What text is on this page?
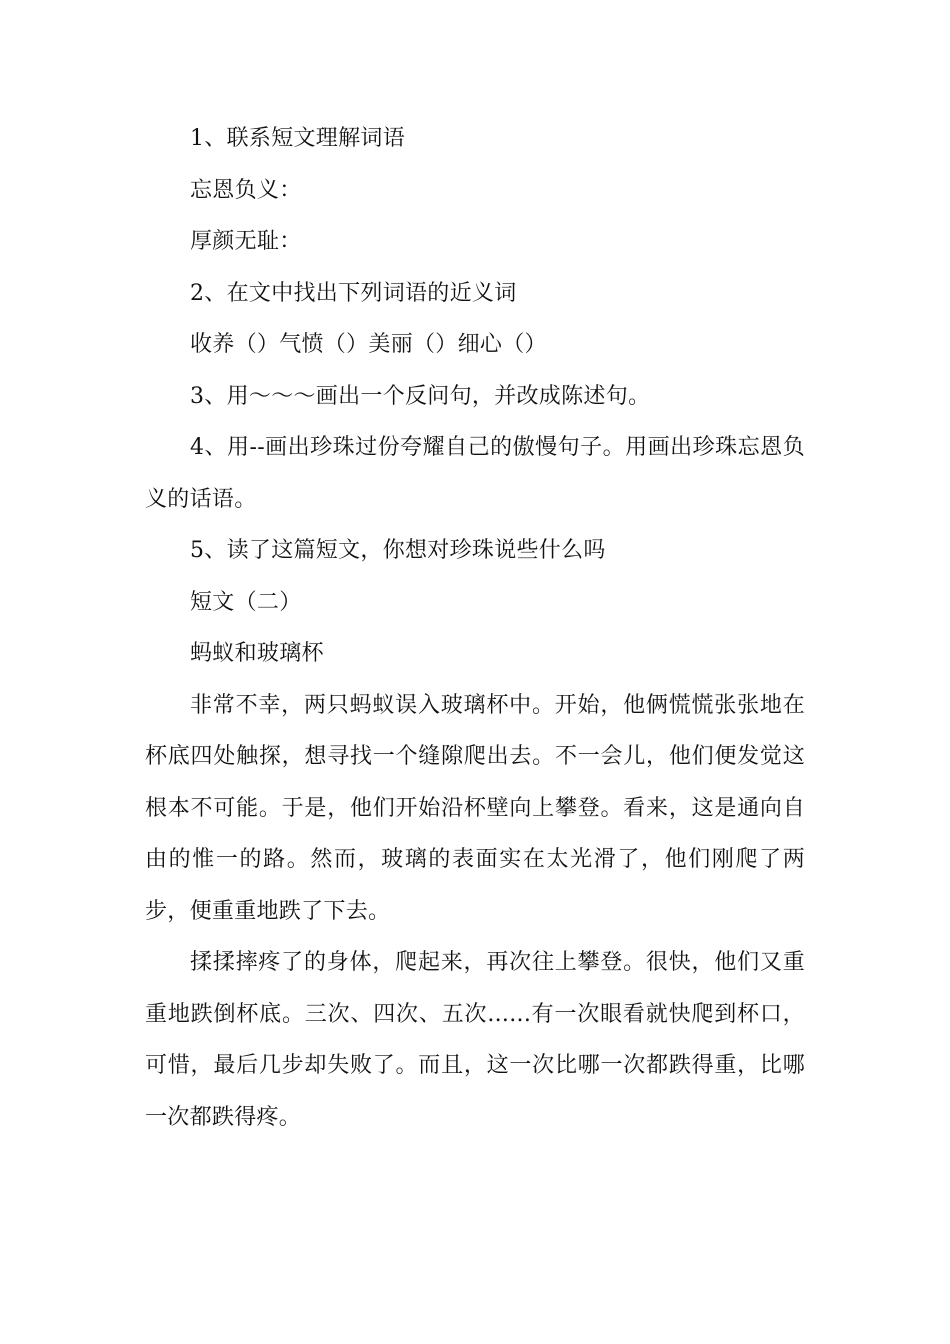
1、联系短文理解词语

忘恩负义：

厚颜无耻：

2、在文中找出下列词语的近义词

收养（）气愤（）美丽（）细心（）

3、用～～～画出一个反问句，并改成陈述句。

4、用--画出珍珠过份夸耀自己的傲慢句子。用画出珍珠忘恩负义的话语。

5、读了这篇短文，你想对珍珠说些什么吗

短文（二）

蚂蚁和玻璃杯

非常不幸，两只蚂蚁误入玻璃杯中。开始，他俩慌慌张张地在杯底四处触探，想寻找一个缝隙爬出去。不一会儿，他们便发觉这根本不可能。于是，他们开始沿杯壁向上攀登。看来，这是通向自由的惟一的路。然而，玻璃的表面实在太光滑了，他们刚爬了两步，便重重地跌了下去。

揉揉摔疼了的身体，爬起来，再次往上攀登。很快，他们又重重地跌倒杯底。三次、四次、五次......有一次眼看就快爬到杯口，可惜，最后几步却失败了。而且，这一次比哪一次都跌得重，比哪一次都跌得疼。
